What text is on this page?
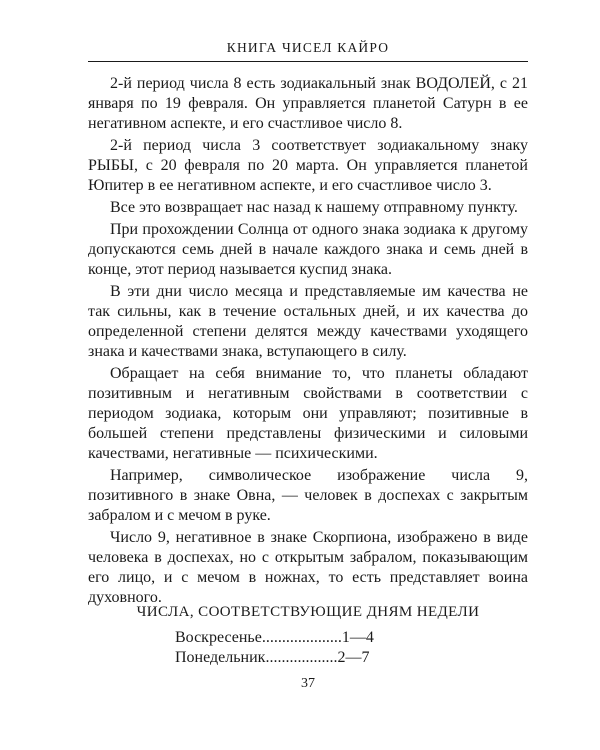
КНИГА ЧИСЕЛ КАЙРО

2-й период числа 8 есть зодиакальный знак ВОДОЛЕЙ, с 21 января по 19 февраля. Он управляется планетой Сатурн в ее негативном аспекте, и его счастливое число 8.

2-й период числа 3 соответствует зодиакальному знаку РЫБЫ, с 20 февраля по 20 марта. Он управляется планетой Юпитер в ее негативном аспекте, и его счастливое число 3.

Все это возвращает нас назад к нашему отправному пункту.

При прохождении Солнца от одного знака зодиака к другому допускаются семь дней в начале каждого знака и семь дней в конце, этот период называется куспид знака.

В эти дни число месяца и представляемые им качества не так сильны, как в течение остальных дней, и их качества до определенной степени делятся между качествами уходящего знака и качествами знака, вступающего в силу.

Обращает на себя внимание то, что планеты обладают позитивным и негативным свойствами в соответствии с периодом зодиака, которым они управляют; позитивные в большей степени представлены физическими и силовыми качествами, негативные — психическими.

Например, символическое изображение числа 9, позитивного в знаке Овна, — человек в доспехах с закрытым забралом и с мечом в руке.

Число 9, негативное в знаке Скорпиона, изображено в виде человека в доспехах, но с открытым забралом, показывающим его лицо, и с мечом в ножнах, то есть представляет воина духовного.

ЧИСЛА, СООТВЕТСТВУЮЩИЕ ДНЯМ НЕДЕЛИ
Воскресенье....................1—4
Понедельник..................2—7
37
